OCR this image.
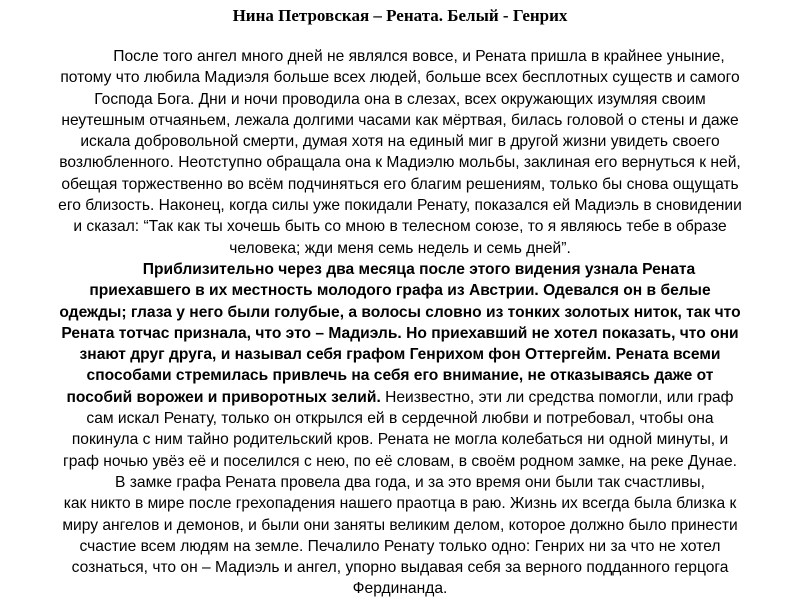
Нина Петровская – Рената. Белый - Генрих
После того ангел много дней не являлся вовсе, и Рената пришла в крайнее уныние,
потому что любила Мадиэля больше всех людей, больше всех бесплотных существ и самого
Господа Бога. Дни и ночи проводила она в слезах, всех окружающих изумляя своим
неутешным отчаяньем, лежала долгими часами как мёртвая, билась головой о стены и даже
искала добровольной смерти, думая хотя на единый миг в другой жизни увидеть своего
возлюбленного. Неотступно обращала она к Мадиэлю мольбы, заклиная его вернуться к ней,
обещая торжественно во всём подчиняться его благим решениям, только бы снова ощущать
его близость. Наконец, когда силы уже покидали Ренату, показался ей Мадиэль в сновидении
и сказал: “Так как ты хочешь быть со мною в телесном союзе, то я являюсь тебе в образе
человека; жди меня семь недель и семь дней”.
Приблизительно через два месяца после этого видения узнала Рената
приехавшего в их местность молодого графа из Австрии. Одевался он в белые
одежды; глаза у него были голубые, а волосы словно из тонких золотых ниток, так что
Рената тотчас признала, что это – Мадиэль. Но приехавший не хотел показать, что они
знают друг друга, и называл себя графом Генрихом фон Оттергейм. Рената всеми
способами стремилась привлечь на себя его внимание, не отказываясь даже от
пособий ворожеи и приворотных зелий. Неизвестно, эти ли средства помогли, или граф
сам искал Ренату, только он открылся ей в сердечной любви и потребовал, чтобы она
покинула с ним тайно родительский кров. Рената не могла колебаться ни одной минуты, и
граф ночью увёз её и поселился с нею, по её словам, в своём родном замке, на реке Дунае.
В замке графа Рената провела два года, и за это время они были так счастливы,
как никто в мире после грехопадения нашего праотца в раю. Жизнь их всегда была близка к
миру ангелов и демонов, и были они заняты великим делом, которое должно было принести
счастие всем людям на земле. Печалило Ренату только одно: Генрих ни за что не хотел
сознаться, что он – Мадиэль и ангел, упорно выдавая себя за верного подданного герцога
Фердинанда.
